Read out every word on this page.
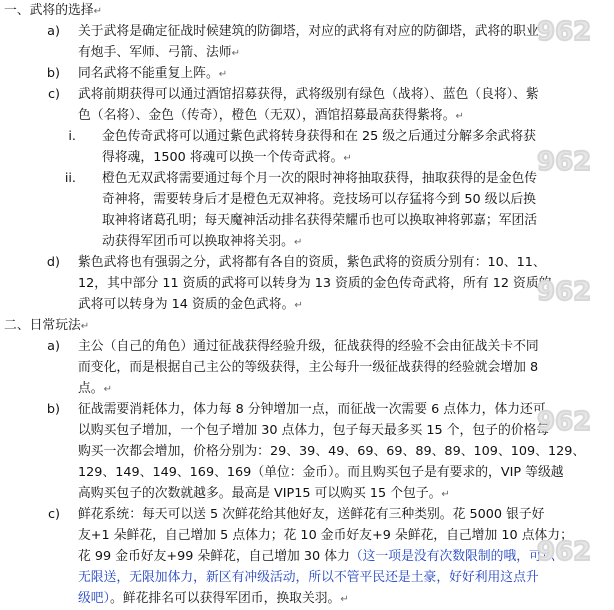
一、武将的选择↵
a) 关于武将是确定征战时候建筑的防御塔，对应的武将有对应的防御塔，武将的职业
有炮手、军师、弓箭、法师↵
b) 同名武将不能重复上阵。↵
c) 武将前期获得可以通过酒馆招募获得，武将级别有绿色（战将）、蓝色（良将）、紫
色（名将）、金色（传奇），橙色（无双），酒馆招募最高获得紫将。↵
i. 金色传奇武将可以通过紫色武将转身获得和在 25 级之后通过分解多余武将获
得将魂，1500 将魂可以换一个传奇武将。↵
ii. 橙色无双武将需要通过每个月一次的限时神将抽取获得，抽取获得的是金色传
奇神将，需要转身后才是橙色无双神将。竞技场可以存猛将今到 50 级以后换
取神将诸葛孔明；每天魔神活动排名获得荣耀币也可以换取神将郭嘉；军团活
动获得军团币可以换取神将关羽。↵
d) 紫色武将也有强弱之分，武将都有各自的资质，紫色武将的资质分别有：10、11、
12，其中部分 11 资质的武将可以转身为 13 资质的金色传奇武将，所有 12 资质的
武将可以转身为 14 资质的金色武将。↵
二、日常玩法↵
a) 主公（自己的角色）通过征战获得经验升级，征战获得的经验不会由征战关卡不同
而变化，而是根据自己主公的等级获得，主公每升一级征战获得的经验就会增加 8
点。↵
b) 征战需要消耗体力，体力每 8 分钟增加一点，而征战一次需要 6 点体力，体力还可
以购买包子增加，一个包子增加 30 点体力，包子每天最多买 15 个，包子的价格每
购买一次都会增加，价格分别为：29、39、49、69、69、89、89、109、109、129、
129、149、149、169、169（单位：金币）。而且购买包子是有要求的，VIP 等级越
高购买包子的次数就越多。最高是 VIP15 可以购买 15 个包子。↵
c) 鲜花系统：每天可以送 5 次鲜花给其他好友，送鲜花有三种类别。花 5000 银子好
友+1 朵鲜花，自己增加 5 点体力；花 10 金币好友+9 朵鲜花，自己增加 10 点体力；
花 99 金币好友+99 朵鲜花，自己增加 30 体力（这一项是没有次数限制的哦，可以
无限送，无限加体力，新区有冲级活动，所以不管平民还是土豪，好好利用这点升
级吧）。鲜花排名可以获得军团币，换取关羽。↵
962
962
962
962
962
